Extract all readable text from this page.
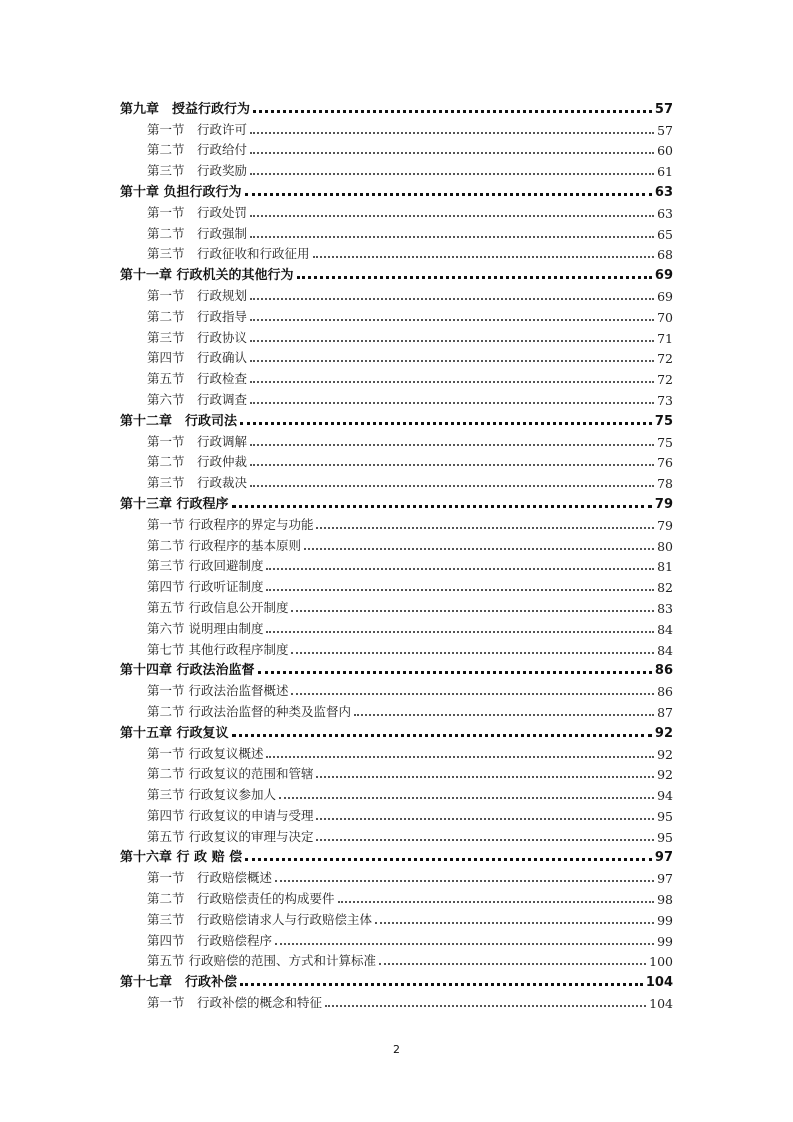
第九章　授益行政行为	57
第一节　行政许可	57
第二节　行政给付	60
第三节　行政奖励	61
第十章 负担行政行为	63
第一节　行政处罚	63
第二节　行政强制	65
第三节　行政征收和行政征用	68
第十一章 行政机关的其他行为	69
第一节　行政规划	69
第二节　行政指导	70
第三节　行政协议	71
第四节　行政确认	72
第五节　行政检查	72
第六节　行政调查	73
第十二章　行政司法	75
第一节　行政调解	75
第二节　行政仲裁	76
第三节　行政裁决	78
第十三章 行政程序	79
第一节 行政程序的界定与功能	79
第二节 行政程序的基本原则	80
第三节 行政回避制度	81
第四节 行政听证制度	82
第五节 行政信息公开制度	83
第六节 说明理由制度	84
第七节 其他行政程序制度	84
第十四章 行政法治监督	86
第一节 行政法治监督概述	86
第二节 行政法治监督的种类及监督内	87
第十五章 行政复议	92
第一节 行政复议概述	92
第二节 行政复议的范围和管辖	92
第三节 行政复议参加人	94
第四节 行政复议的申请与受理	95
第五节 行政复议的审理与决定	95
第十六章 行 政 赔 偿	97
第一节　行政赔偿概述	97
第二节　行政赔偿责任的构成要件	98
第三节　行政赔偿请求人与行政赔偿主体	99
第四节　行政赔偿程序	99
第五节 行政赔偿的范围、方式和计算标准	100
第十七章　行政补偿	104
第一节　行政补偿的概念和特征	104
2
